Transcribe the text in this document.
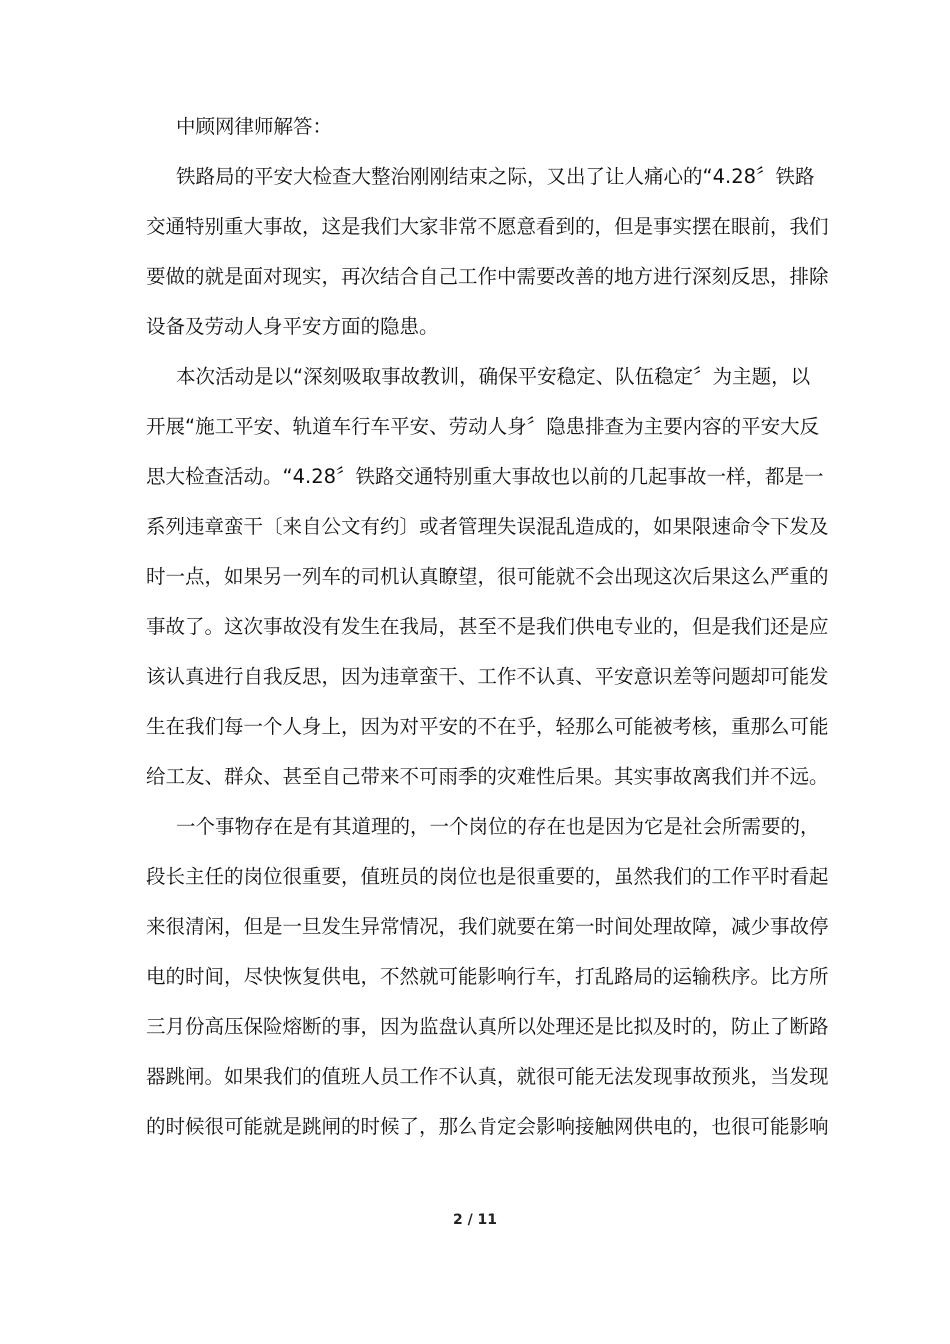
中顾网律师解答：
铁路局的平安大检查大整治刚刚结束之际，又出了让人痛心的“4.28〞铁路
交通特别重大事故，这是我们大家非常不愿意看到的，但是事实摆在眼前，我们
要做的就是面对现实，再次结合自己工作中需要改善的地方进行深刻反思，排除
设备及劳动人身平安方面的隐患。
本次活动是以“深刻吸取事故教训，确保平安稳定、队伍稳定〞为主题，以
开展“施工平安、轨道车行车平安、劳动人身〞隐患排查为主要内容的平安大反
思大检查活动。“4.28〞铁路交通特别重大事故也以前的几起事故一样，都是一
系列违章蛮干〔来自公文有约〕或者管理失误混乱造成的，如果限速命令下发及
时一点，如果另一列车的司机认真瞭望，很可能就不会出现这次后果这么严重的
事故了。这次事故没有发生在我局，甚至不是我们供电专业的，但是我们还是应
该认真进行自我反思，因为违章蛮干、工作不认真、平安意识差等问题却可能发
生在我们每一个人身上，因为对平安的不在乎，轻那么可能被考核，重那么可能
给工友、群众、甚至自己带来不可雨季的灾难性后果。其实事故离我们并不远。
一个事物存在是有其道理的，一个岗位的存在也是因为它是社会所需要的，
段长主任的岗位很重要，值班员的岗位也是很重要的，虽然我们的工作平时看起
来很清闲，但是一旦发生异常情况，我们就要在第一时间处理故障，减少事故停
电的时间，尽快恢复供电，不然就可能影响行车，打乱路局的运输秩序。比方所
三月份高压保险熔断的事，因为监盘认真所以处理还是比拟及时的，防止了断路
器跳闸。如果我们的值班人员工作不认真，就很可能无法发现事故预兆，当发现
的时候很可能就是跳闸的时候了，那么肯定会影响接触网供电的，也很可能影响
2 / 11
